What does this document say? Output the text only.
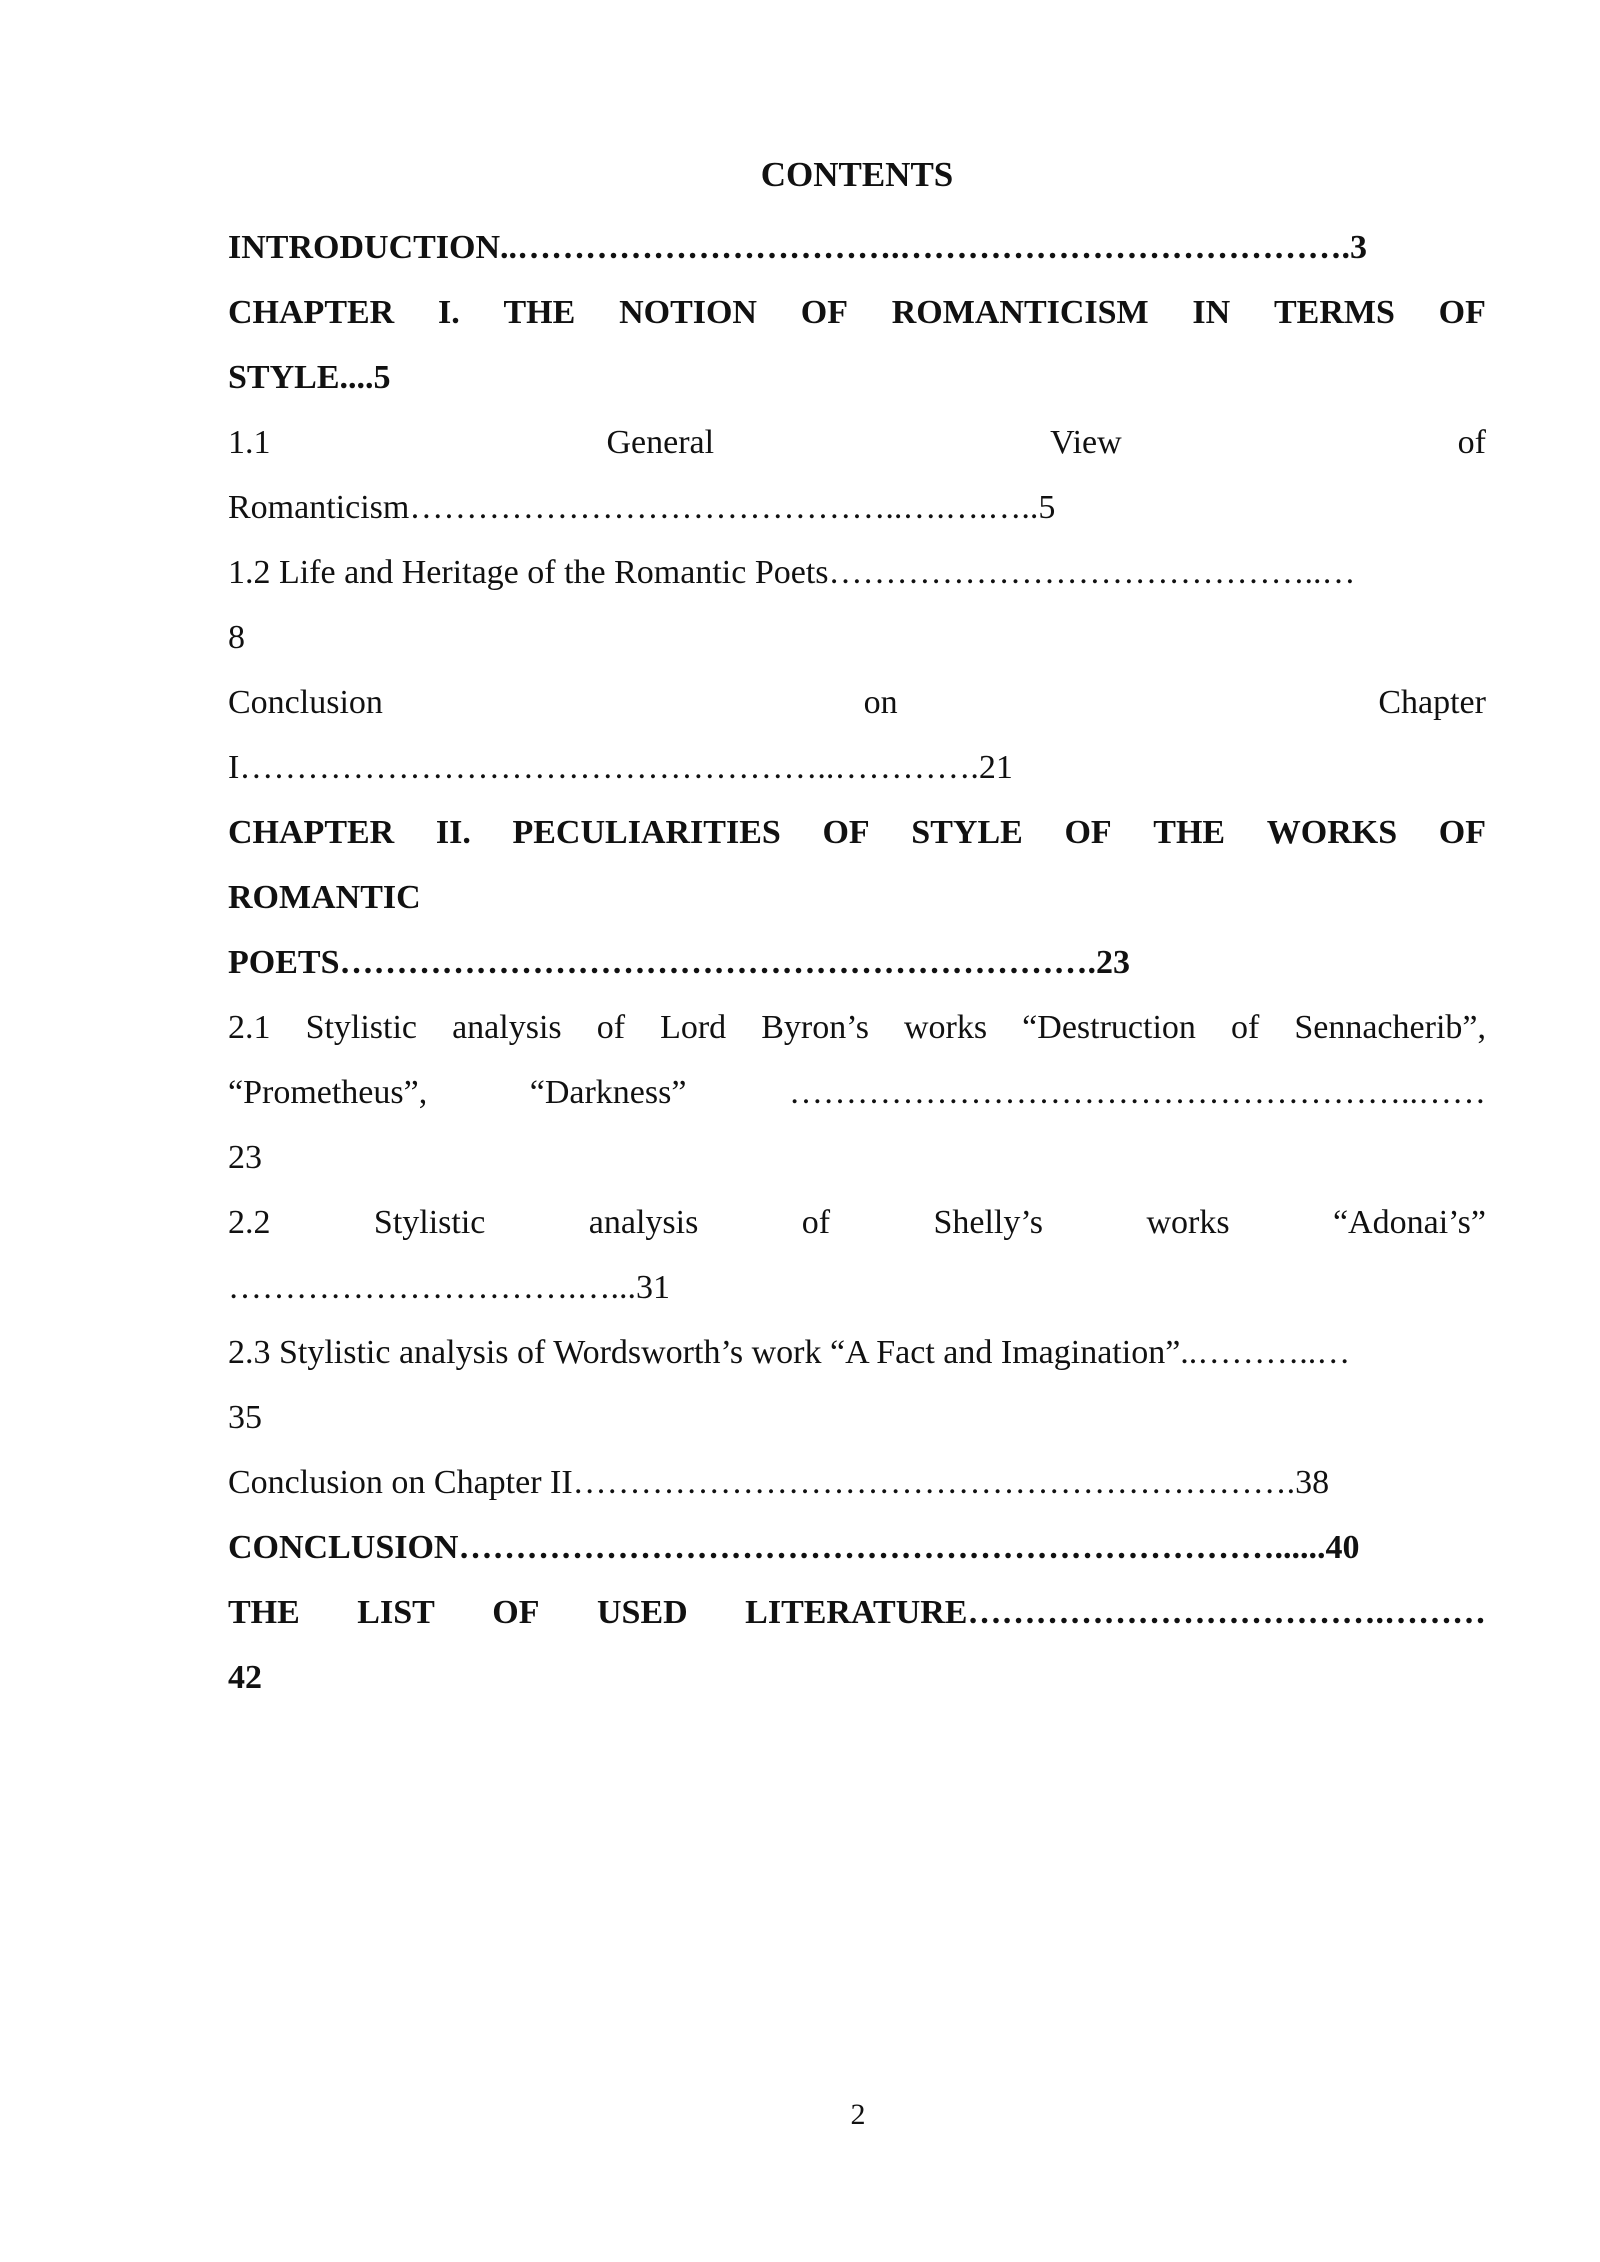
CONTENTS
INTRODUCTION..…………………………….………………………………….3
CHAPTER I. THE NOTION OF ROMANTICISM IN TERMS OF
STYLE....5
1.1	General	View	of
Romanticism……………………………………..….….…..5
1.2 Life and Heritage of the Romantic Poets……………………………………..…
8
Conclusion	on	Chapter
I……………………………………………..………….21
CHAPTER II. PECULIARITIES OF STYLE OF THE WORKS OF
ROMANTIC
POETS………………………………………………………….23
2.1 Stylistic analysis of Lord Byron’s works “Destruction of Sennacherib”,
“Prometheus”,	“Darkness”	………………………………………………..……
23
2.2	Stylistic	analysis	of	Shelly’s	works	“Adonai’s”
………………………….…...31
2.3 Stylistic analysis of Wordsworth’s work “A Fact and Imagination”..………..…
35
Conclusion on Chapter II……………………………………………………….38
CONCLUSION………………………………………………………………......40
THE LIST OF USED LITERATURE……………………………….………
42
2
